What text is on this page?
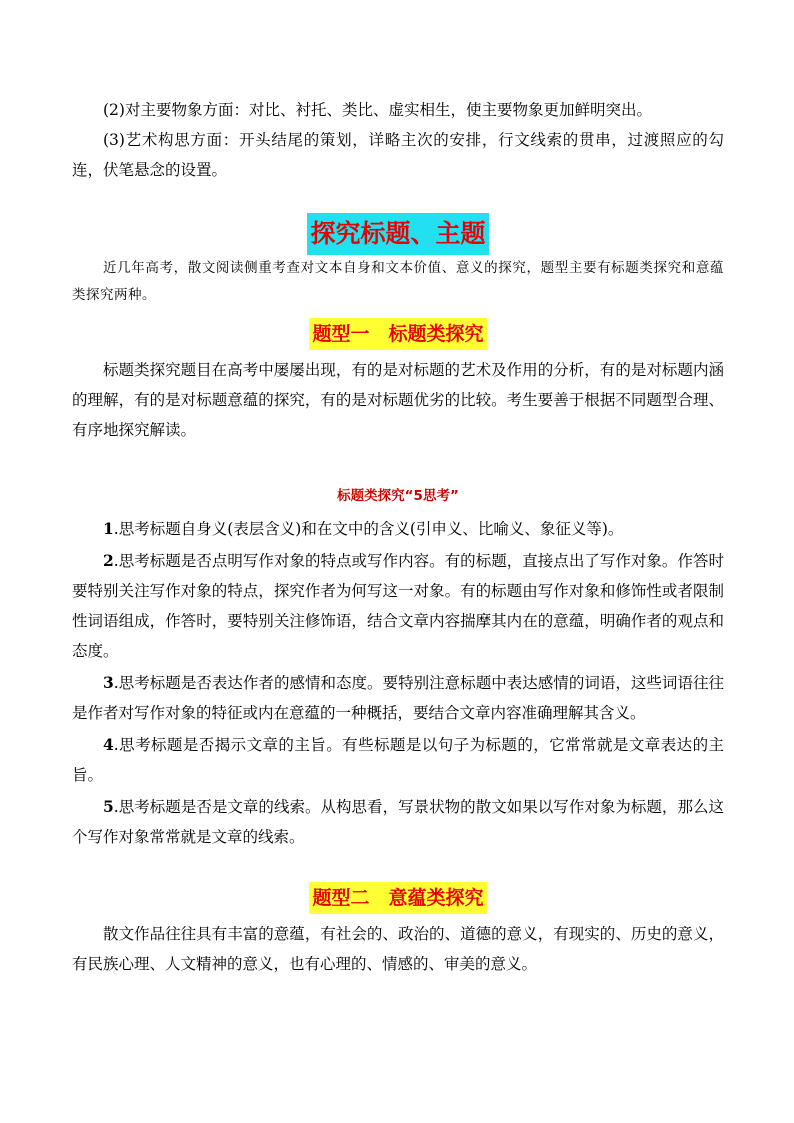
(2)对主要物象方面：对比、衬托、类比、虚实相生，使主要物象更加鲜明突出。

(3)艺术构思方面：开头结尾的策划，详略主次的安排，行文线索的贯串，过渡照应的勾连，伏笔悬念的设置。

探究标题、主题

近几年高考，散文阅读侧重考查对文本自身和文本价值、意义的探究，题型主要有标题类探究和意蕴类探究两种。

题型一　标题类探究

标题类探究题目在高考中屡屡出现，有的是对标题的艺术及作用的分析，有的是对标题内涵的理解，有的是对标题意蕴的探究，有的是对标题优劣的比较。考生要善于根据不同题型合理、有序地探究解读。

标题类探究“5思考”

1.思考标题自身义(表层含义)和在文中的含义(引申义、比喻义、象征义等)。

2.思考标题是否点明写作对象的特点或写作内容。有的标题，直接点出了写作对象。作答时要特别关注写作对象的特点，探究作者为何写这一对象。有的标题由写作对象和修饰性或者限制性词语组成，作答时，要特别关注修饰语，结合文章内容揣摩其内在的意蕴，明确作者的观点和态度。

3.思考标题是否表达作者的感情和态度。要特别注意标题中表达感情的词语，这些词语往往是作者对写作对象的特征或内在意蕴的一种概括，要结合文章内容准确理解其含义。

4.思考标题是否揭示文章的主旨。有些标题是以句子为标题的，它常常就是文章表达的主旨。

5.思考标题是否是文章的线索。从构思看，写景状物的散文如果以写作对象为标题，那么这个写作对象常常就是文章的线索。

题型二　意蕴类探究

散文作品往往具有丰富的意蕴，有社会的、政治的、道德的意义，有现实的、历史的意义，有民族心理、人文精神的意义，也有心理的、情感的、审美的意义。
